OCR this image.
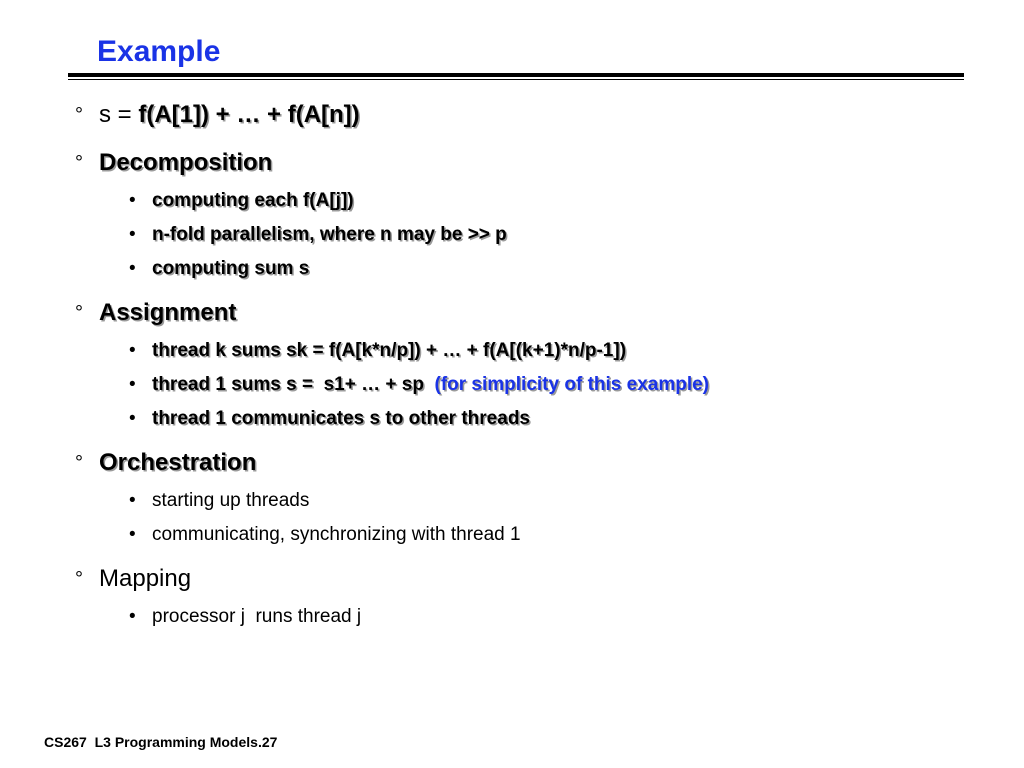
Example
° s = f(A[1]) + … + f(A[n])
° Decomposition
• computing each f(A[j])
• n-fold parallelism, where n may be >> p
• computing sum s
° Assignment
• thread k sums sk = f(A[k*n/p]) + … + f(A[(k+1)*n/p-1])
• thread 1 sums s =  s1+ … + sp  (for simplicity of this example)
• thread 1 communicates s to other threads
° Orchestration
• starting up threads
• communicating, synchronizing with thread 1
° Mapping
• processor j  runs thread j
CS267  L3 Programming Models.27
